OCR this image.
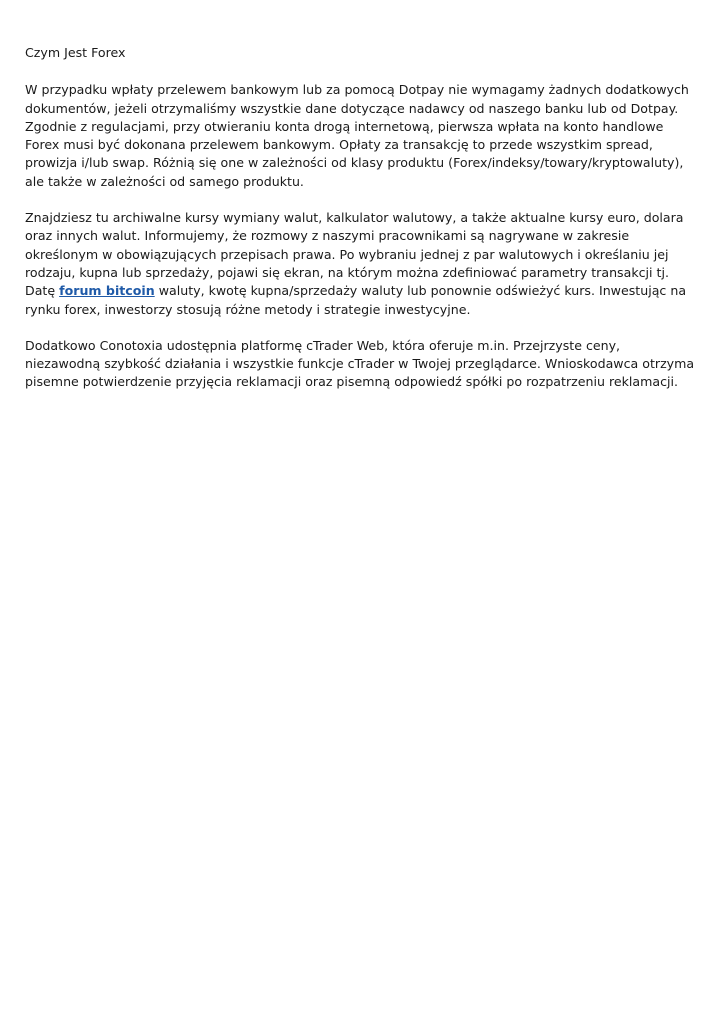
Czym Jest Forex

W przypadku wpłaty przelewem bankowym lub za pomocą Dotpay nie wymagamy żadnych dodatkowych dokumentów, jeżeli otrzymaliśmy wszystkie dane dotyczące nadawcy od naszego banku lub od Dotpay. Zgodnie z regulacjami, przy otwieraniu konta drogą internetową, pierwsza wpłata na konto handlowe Forex musi być dokonana przelewem bankowym. Opłaty za transakcję to przede wszystkim spread, prowizja i/lub swap. Różnią się one w zależności od klasy produktu (Forex/indeksy/towary/kryptowaluty), ale także w zależności od samego produktu.

Znajdziesz tu archiwalne kursy wymiany walut, kalkulator walutowy, a także aktualne kursy euro, dolara oraz innych walut. Informujemy, że rozmowy z naszymi pracownikami są nagrywane w zakresie określonym w obowiązujących przepisach prawa. Po wybraniu jednej z par walutowych i określaniu jej rodzaju, kupna lub sprzedaży, pojawi się ekran, na którym można zdefiniować parametry transakcji tj. Datę forum bitcoin waluty, kwotę kupna/sprzedaży waluty lub ponownie odświeżyć kurs. Inwestując na rynku forex, inwestorzy stosują różne metody i strategie inwestycyjne.

Dodatkowo Conotoxia udostępnia platformę cTrader Web, która oferuje m.in. Przejrzyste ceny, niezawodną szybkość działania i wszystkie funkcje cTrader w Twojej przeglądarce. Wnioskodawca otrzyma pisemne potwierdzenie przyjęcia reklamacji oraz pisemną odpowiedź spółki po rozpatrzeniu reklamacji.
